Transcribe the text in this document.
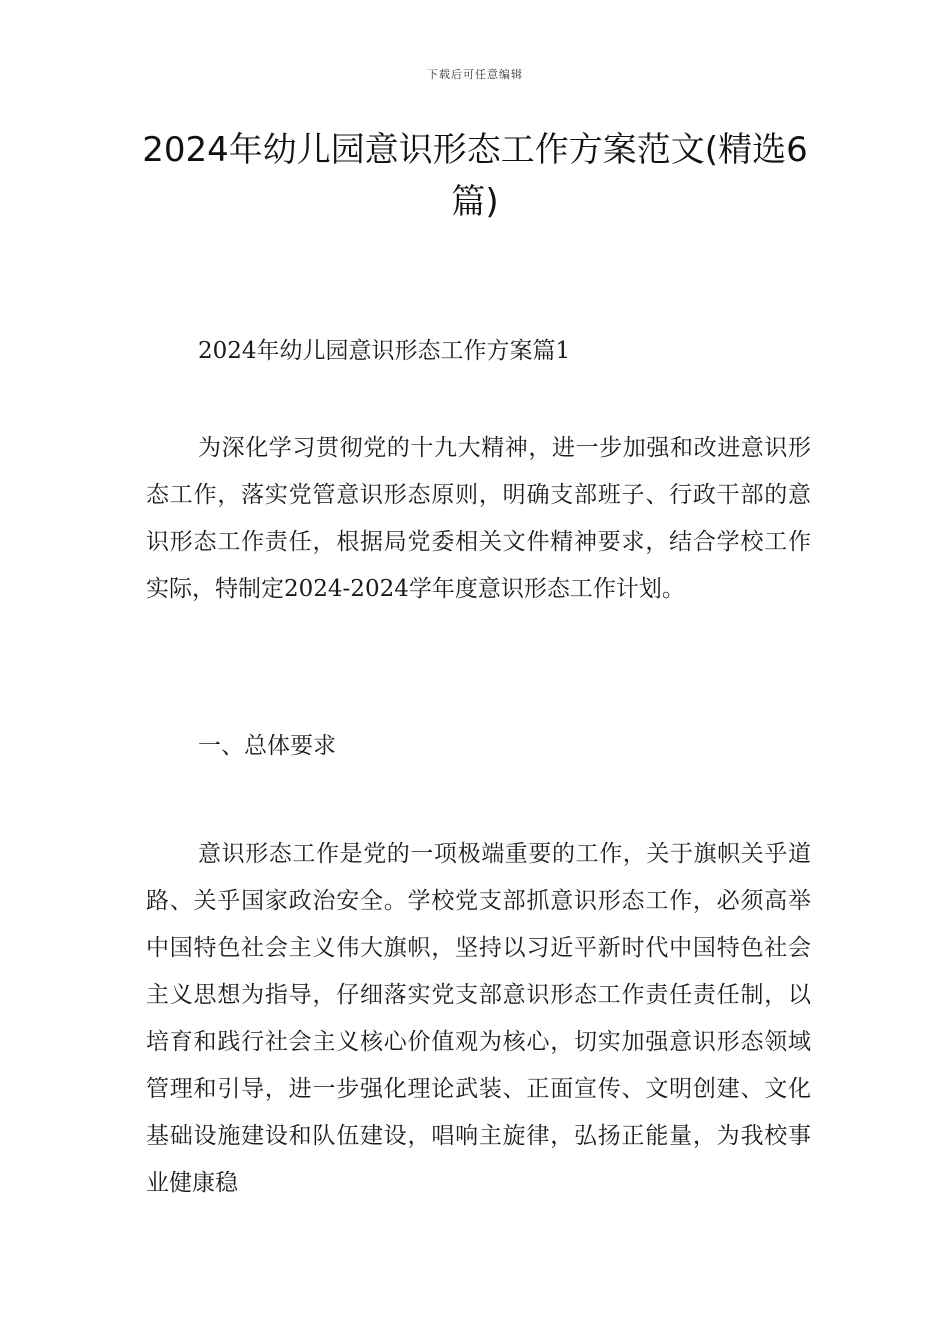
下载后可任意编辑
2024年幼儿园意识形态工作方案范文(精选6篇)

2024年幼儿园意识形态工作方案篇1

为深化学习贯彻党的十九大精神，进一步加强和改进意识形态工作，落实党管意识形态原则，明确支部班子、行政干部的意识形态工作责任，根据局党委相关文件精神要求，结合学校工作实际，特制定2024-2024学年度意识形态工作计划。

一、总体要求

意识形态工作是党的一项极端重要的工作，关于旗帜关乎道路、关乎国家政治安全。学校党支部抓意识形态工作，必须高举中国特色社会主义伟大旗帜，坚持以习近平新时代中国特色社会主义思想为指导，仔细落实党支部意识形态工作责任责任制，以培育和践行社会主义核心价值观为核心，切实加强意识形态领域管理和引导，进一步强化理论武装、正面宣传、文明创建、文化基础设施建设和队伍建设，唱响主旋律，弘扬正能量，为我校事业健康稳
